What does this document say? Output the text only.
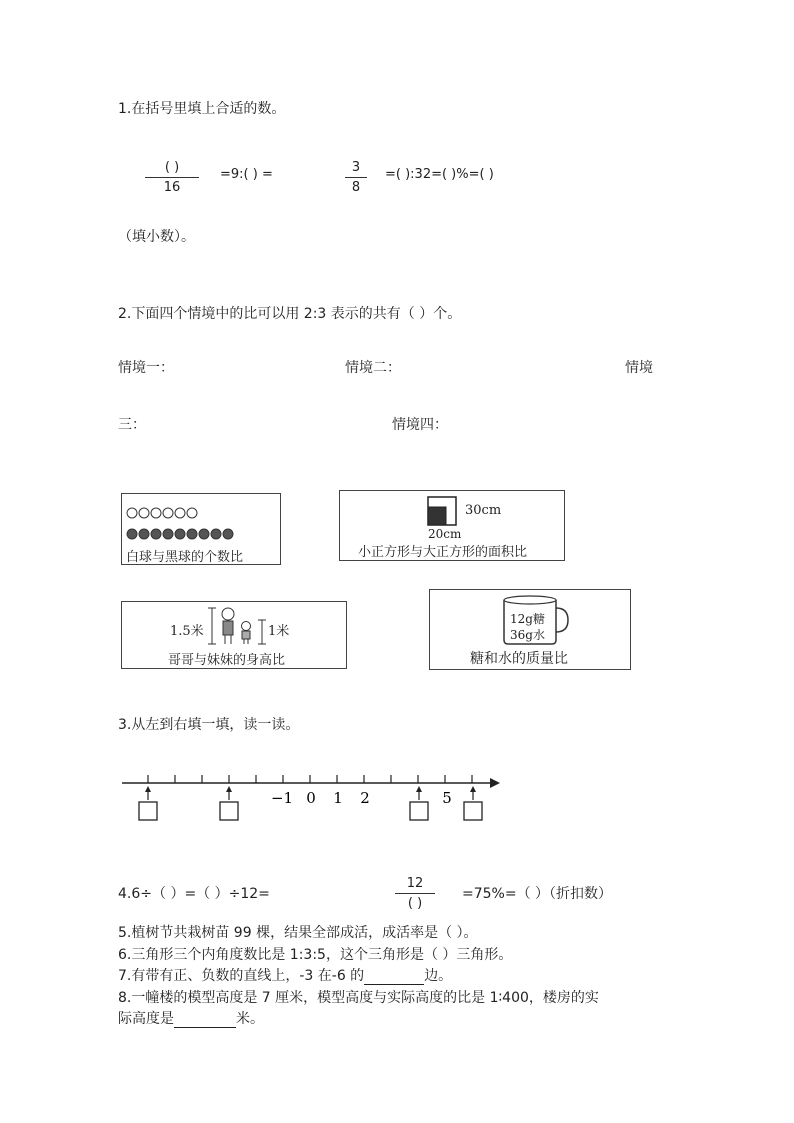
1.在括号里填上合适的数。
( )
16
=9:( ) =	3
8
=( ):32=( )%=( )
（填小数）。
2.下面四个情境中的比可以用 2:3 表示的共有（ ）个。
情境一：	情境二：	情境
三：	情境四：
白球与黑球的个数比
30cm
20cm
小正方形与大正方形的面积比
1.5米	1米
哥哥与妹妹的身高比
12g糖
36g水
糖和水的质量比
3.从左到右填一填，读一读。
−1 0 1 2	5
4.6÷（ ）=（ ）÷12=
12
( )
=75%=（ ）（折扣数）
5.植树节共栽树苗 99 棵，结果全部成活，成活率是（ ）。
6.三角形三个内角度数比是 1:3:5，这个三角形是（ ）三角形。
7.有带有正、负数的直线上，-3 在-6 的	边。
8.一幢楼的模型高度是 7 厘米，模型高度与实际高度的比是 1∶400，楼房的实
际高度是	米。
